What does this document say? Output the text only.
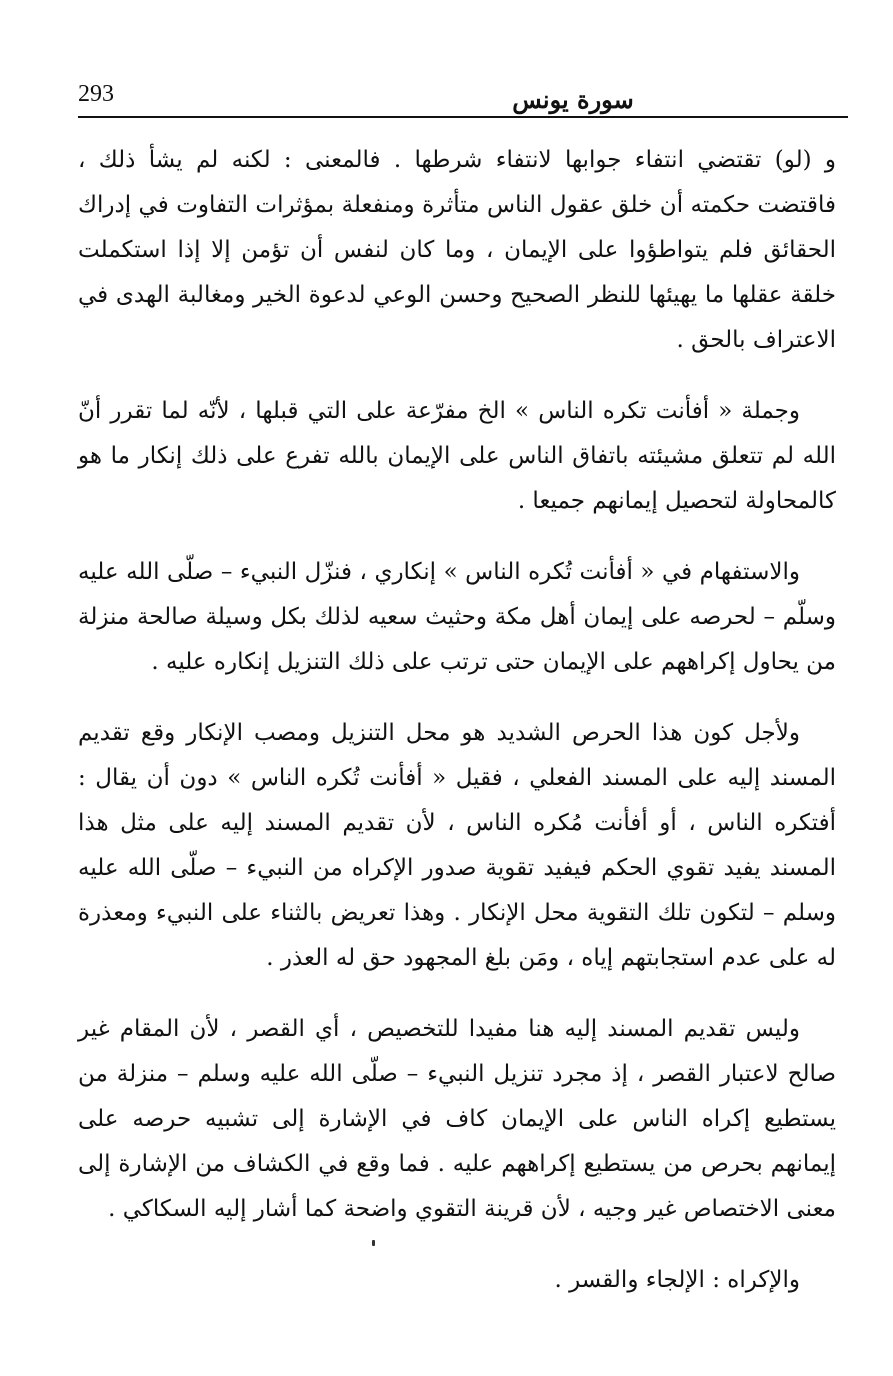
293	سورة يونس

و (لو) تقتضي انتفاء جوابها لانتفاء شرطها . فالمعنى : لكنه لم يشأ ذلك ، فاقتضت حكمته أن خلق عقول الناس متأثرة ومنفعلة بمؤثرات التفاوت في إدراك الحقائق فلم يتواطؤوا على الإيمان ، وما كان لنفس أن تؤمن إلا إذا استكملت خلقة عقلها ما يهيئها للنظر الصحيح وحسن الوعي لدعوة الخير ومغالبة الهدى في الاعتراف بالحق .

وجملة « أفأنت تكره الناس » الخ مفرّعة على التي قبلها ، لأنّه لما تقرر أنّ الله لم تتعلق مشيئته باتفاق الناس على الإيمان بالله تفرع على ذلك إنكار ما هو كالمحاولة لتحصيل إيمانهم جميعا .

والاستفهام في « أفأنت تُكره الناس » إنكاري ، فنزّل النبيء – صلّى الله عليه وسلّم – لحرصه على إيمان أهل مكة وحثيث سعيه لذلك بكل وسيلة صالحة منزلة من يحاول إكراههم على الإيمان حتى ترتب على ذلك التنزيل إنكاره عليه .

ولأجل كون هذا الحرص الشديد هو محل التنزيل ومصب الإنكار وقع تقديم المسند إليه على المسند الفعلي ، فقيل « أفأنت تُكره الناس » دون أن يقال : أفتكره الناس ، أو أفأنت مُكره الناس ، لأن تقديم المسند إليه على مثل هذا المسند يفيد تقوي الحكم فيفيد تقوية صدور الإكراه من النبيء – صلّى الله عليه وسلم – لتكون تلك التقوية محل الإنكار . وهذا تعريض بالثناء على النبيء ومعذرة له على عدم استجابتهم إياه ، ومَن بلغ المجهود حق له العذر .

وليس تقديم المسند إليه هنا مفيدا للتخصيص ، أي القصر ، لأن المقام غير صالح لاعتبار القصر ، إذ مجرد تنزيل النبيء – صلّى الله عليه وسلم – منزلة من يستطيع إكراه الناس على الإيمان كاف في الإشارة إلى تشبيه حرصه على إيمانهم بحرص من يستطيع إكراههم عليه . فما وقع في الكشاف من الإشارة إلى معنى الاختصاص غير وجيه ، لأن قرينة التقوي واضحة كما أشار إليه السكاكي .

والإكراه : الإلجاء والقسر .
